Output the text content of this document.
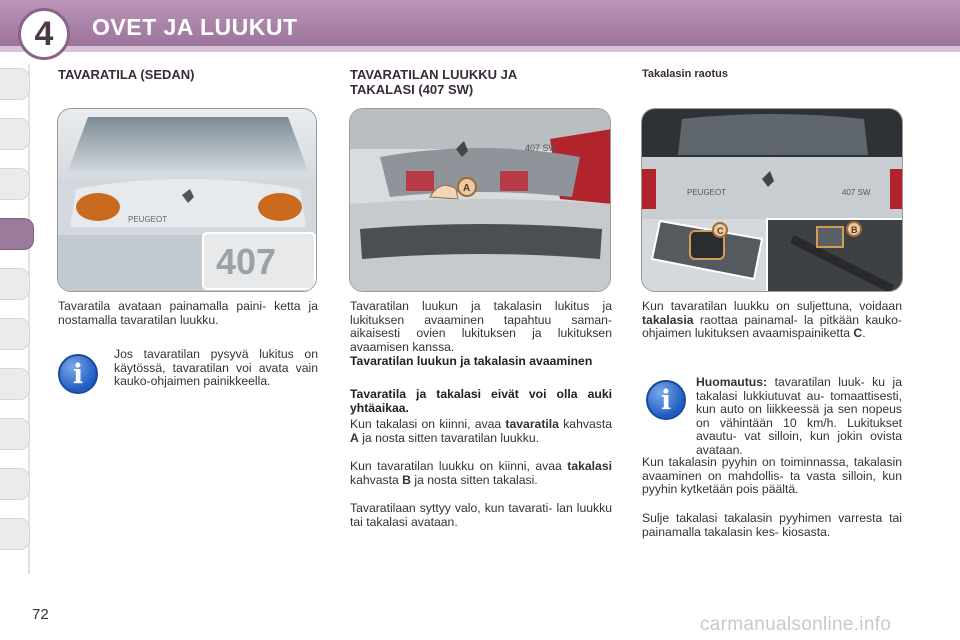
4	OVET JA LUUKUT
TAVARATILA (SEDAN)
407
PEUGEOT
Tavaratila avataan painamalla paini- ketta ja nostamalla tavaratilan luukku.
i
Jos tavaratilan pysyvä lukitus on käytössä, tavaratilan voi avata vain kauko-ohjaimen painikkeella.
TAVARATILAN LUUKKU JA
TAKALASI (407 SW)
A
407 SW
Tavaratilan luukun ja takalasin lukitus ja lukituksen avaaminen tapahtuu saman- aikaisesti ovien lukituksen ja lukituksen avaamisen kanssa.
Tavaratilan luukun ja takalasin avaaminen
Tavaratila ja takalasi eivät voi olla auki yhtäaikaa.
Kun takalasi on kiinni, avaa tavaratila kahvasta A ja nosta sitten tavaratilan luukku.
Kun tavaratilan luukku on kiinni, avaa takalasi kahvasta B ja nosta sitten takalasi.
Tavaratilaan syttyy valo, kun tavarati- lan luukku tai takalasi avataan.
Takalasin raotus
PEUGEOT	407 SW
B
C
Kun tavaratilan luukku on suljettuna, voidaan takalasia raottaa painamal- la pitkään kauko-ohjaimen lukituksen avaamispainiketta C.
i
Huomautus: tavaratilan luuk- ku ja takalasi lukkiutuvat au- tomaattisesti, kun auto on liikkeessä ja sen nopeus on vähintään 10 km/h. Lukitukset avautu- vat silloin, kun jokin ovista avataan.
Kun takalasin pyyhin on toiminnassa, takalasin avaaminen on mahdollis- ta vasta silloin, kun pyyhin kytketään pois päältä.
Sulje takalasi takalasin pyyhimen varresta tai painamalla takalasin kes- kiosasta.
72	carmanualsonline.info
